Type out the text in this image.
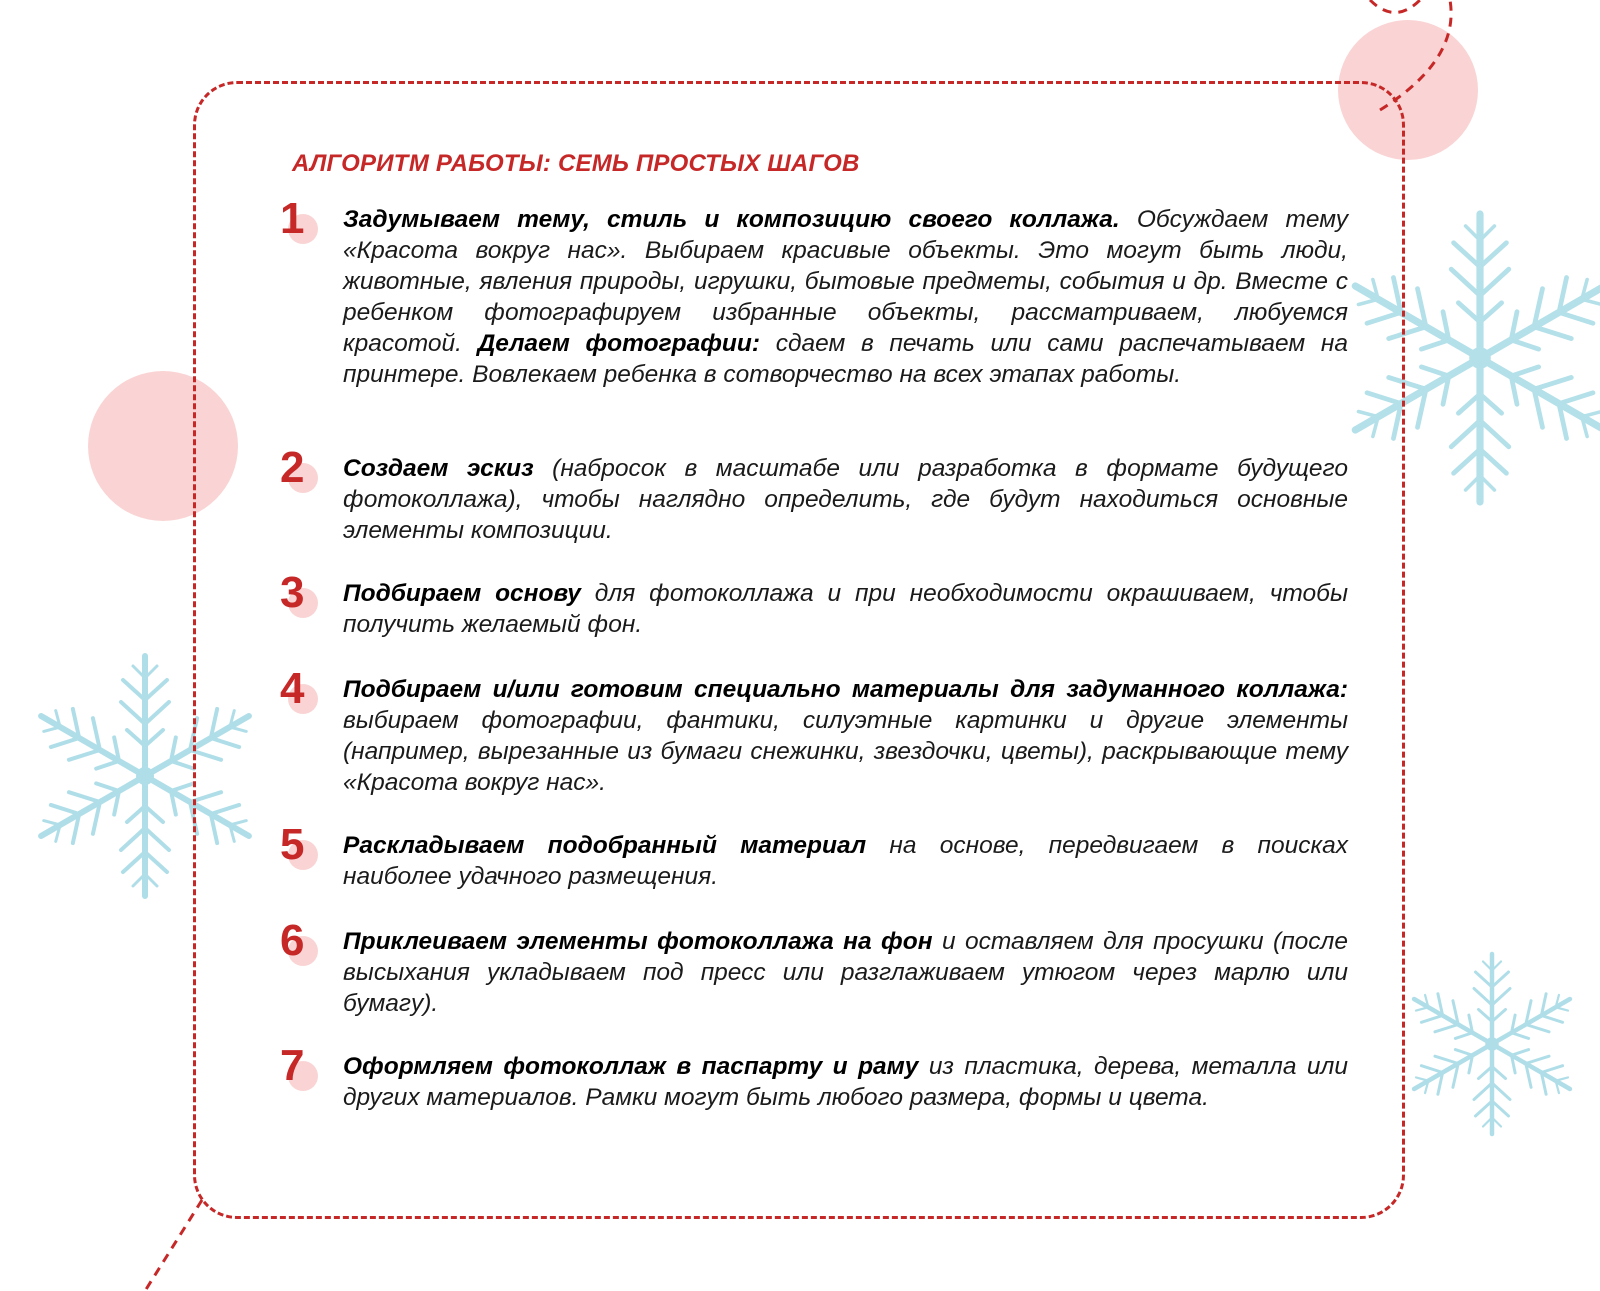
АЛГОРИТМ РАБОТЫ: СЕМЬ ПРОСТЫХ ШАГОВ
1 Задумываем тему, стиль и композицию своего коллажа. Обсуждаем тему «Красота вокруг нас». Выбираем красивые объекты. Это могут быть люди, животные, явления природы, игрушки, бытовые предметы, события и др. Вместе с ребенком фотографируем избранные объекты, рассматриваем, любуемся красотой. Делаем фотографии: сдаем в печать или сами распечатываем на принтере. Вовлекаем ребенка в сотворчество на всех этапах работы.
2 Создаем эскиз (набросок в масштабе или разработка в формате будущего фотоколлажа), чтобы наглядно определить, где будут находиться основные элементы композиции.
3 Подбираем основу для фотоколлажа и при необходимости окрашиваем, чтобы получить желаемый фон.
4 Подбираем и/или готовим специально материалы для задуманного коллажа: выбираем фотографии, фантики, силуэтные картинки и другие элементы (например, вырезанные из бумаги снежинки, звездочки, цветы), раскрывающие тему «Красота вокруг нас».
5 Раскладываем подобранный материал на основе, передвигаем в поисках наиболее удачного размещения.
6 Приклеиваем элементы фотоколлажа на фон и оставляем для просушки (после высыхания укладываем под пресс или разглаживаем утюгом через марлю или бумагу).
7 Оформляем фотоколлаж в паспарту и раму из пластика, дерева, металла или других материалов. Рамки могут быть любого размера, формы и цвета.
